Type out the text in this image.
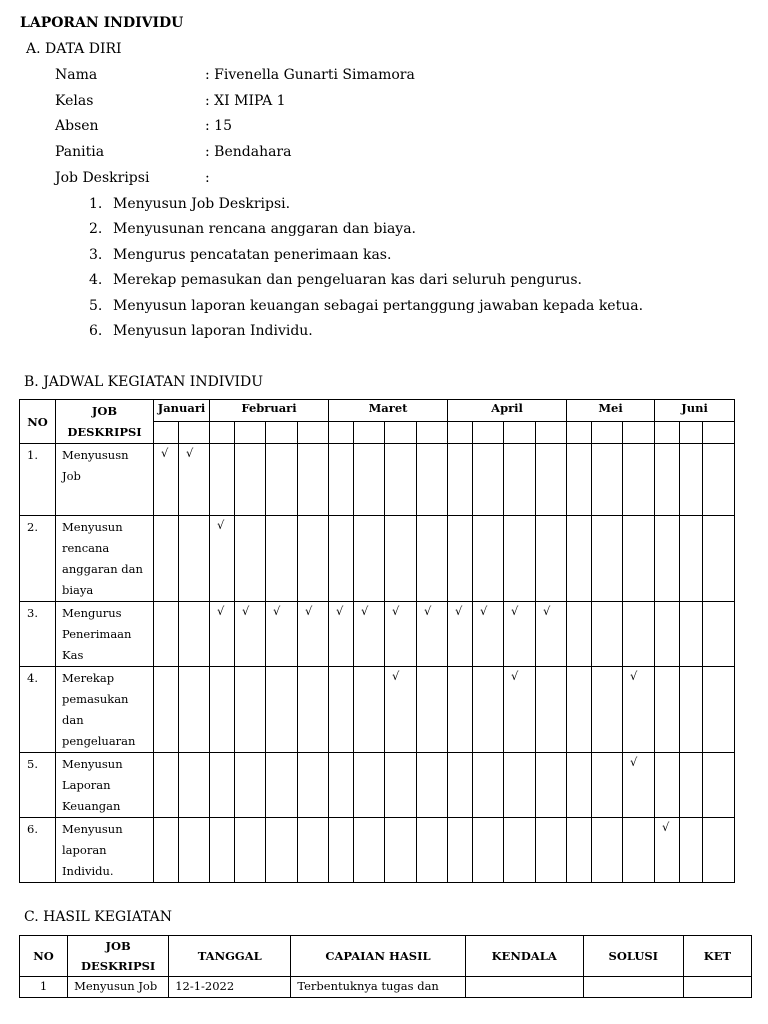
LAPORAN INDIVIDU
A. DATA DIRI
Nama	: Fivenella Gunarti Simamora
Kelas	: XI MIPA 1
Absen	: 15
Panitia	: Bendahara
Job Deskripsi	:
1. Menyusun Job Deskripsi.
2. Menyusunan rencana anggaran dan biaya.
3. Mengurus pencatatan penerimaan kas.
4. Merekap pemasukan dan pengeluaran kas dari seluruh pengurus.
5. Menyusun laporan keuangan sebagai pertanggung jawaban kepada ketua.
6. Menyusun laporan Individu.
B. JADWAL KEGIATAN INDIVIDU
NO	JOB DESKRIPSI	Januari		Februari				Maret				April				Mei			Juni		

1.	Menyususn Job	√	√																		
2.	Menyusun rencana anggaran dan biaya			√																	
3.	Mengurus Penerimaan Kas			√	√	√	√	√	√	√	√	√	√	√	√						
4.	Merekap pemasukan dan pengeluaran									√				√				√			
5.	Menyusun Laporan Keuangan																	√			
6.	Menyusun laporan Individu.																		√		
C. HASIL KEGIATAN
NO	JOB DESKRIPSI	TANGGAL	CAPAIAN HASIL	KENDALA	SOLUSI	KET
1	Menyusun Job	12-1-2022	Terbentuknya tugas dan			
